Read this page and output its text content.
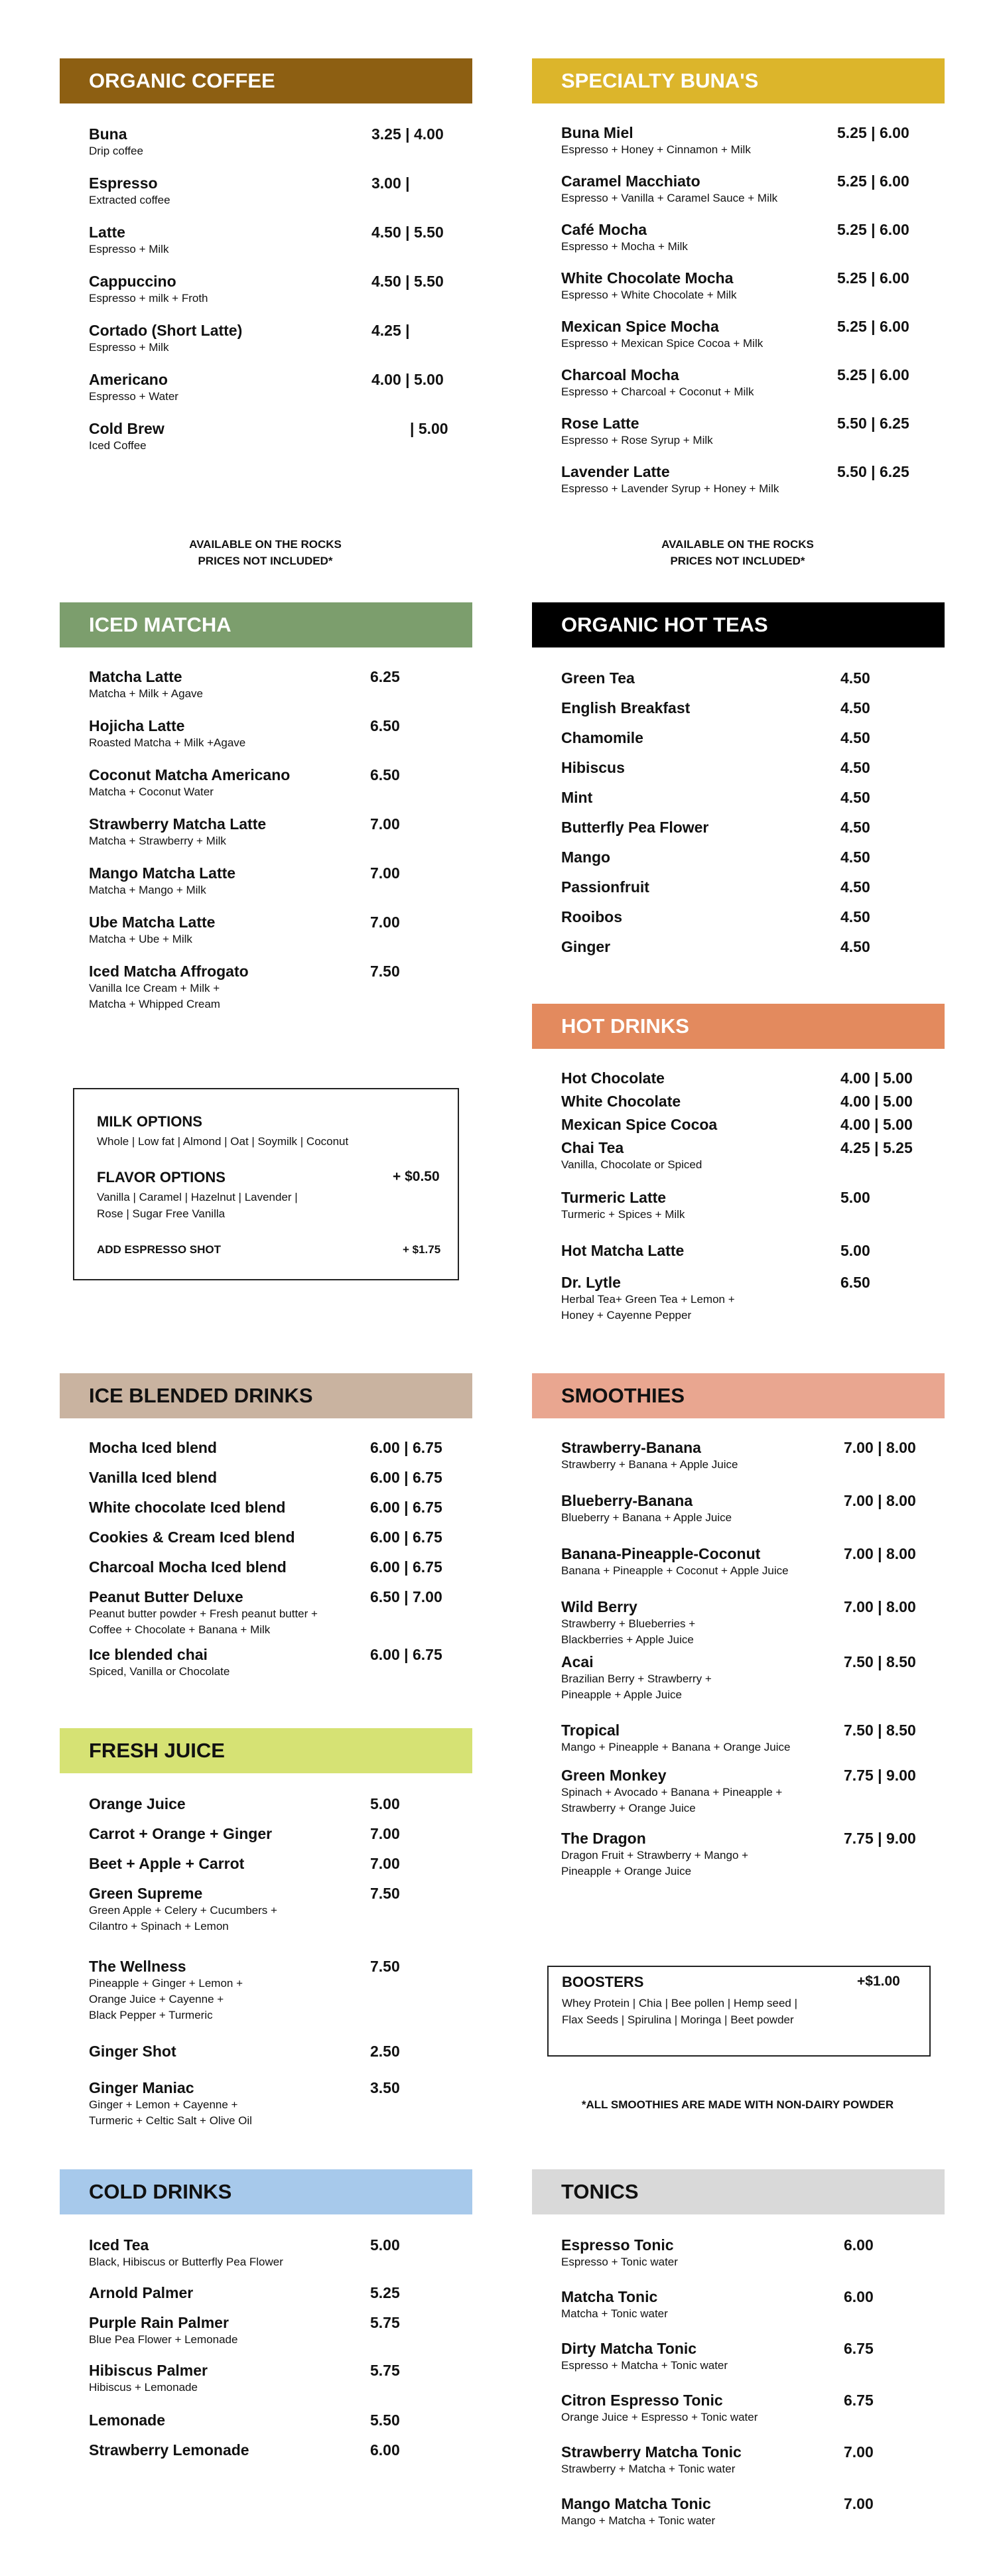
ORGANIC COFFEE
Buna
Drip coffee
3.25 | 4.00
Espresso
Extracted coffee
3.00 |
Latte
Espresso + Milk
4.50 | 5.50
Cappuccino
Espresso + milk + Froth
4.50 | 5.50
Cortado (Short Latte)
Espresso + Milk
4.25 |
Americano
Espresso + Water
4.00 | 5.00
Cold Brew
Iced Coffee
| 5.00
AVAILABLE ON THE ROCKS
PRICES NOT INCLUDED*
SPECIALTY BUNA'S
Buna Miel
Espresso + Honey + Cinnamon + Milk
5.25 | 6.00
Caramel Macchiato
Espresso + Vanilla + Caramel Sauce + Milk
5.25 | 6.00
Café Mocha
Espresso + Mocha + Milk
5.25 | 6.00
White Chocolate Mocha
Espresso + White Chocolate + Milk
5.25 | 6.00
Mexican Spice Mocha
Espresso + Mexican Spice Cocoa + Milk
5.25 | 6.00
Charcoal Mocha
Espresso + Charcoal + Coconut + Milk
5.25 | 6.00
Rose Latte
Espresso + Rose Syrup + Milk
5.50 | 6.25
Lavender Latte
Espresso + Lavender Syrup + Honey + Milk
5.50 | 6.25
AVAILABLE ON THE ROCKS
PRICES NOT INCLUDED*
ICED MATCHA
Matcha Latte
Matcha + Milk + Agave
6.25
Hojicha Latte
Roasted Matcha + Milk +Agave
6.50
Coconut Matcha Americano
Matcha + Coconut Water
6.50
Strawberry Matcha Latte
Matcha + Strawberry + Milk
7.00
Mango Matcha Latte
Matcha + Mango + Milk
7.00
Ube Matcha Latte
Matcha + Ube + Milk
7.00
Iced Matcha Affrogato
Vanilla Ice Cream + Milk +
Matcha + Whipped Cream
7.50
MILK OPTIONS
Whole | Low fat | Almond | Oat | Soymilk | Coconut
FLAVOR OPTIONS	+ $0.50
Vanilla | Caramel | Hazelnut | Lavender |
Rose | Sugar Free Vanilla
ADD ESPRESSO SHOT	+ $1.75
ORGANIC HOT TEAS
Green Tea	4.50
English Breakfast	4.50
Chamomile	4.50
Hibiscus	4.50
Mint	4.50
Butterfly Pea Flower	4.50
Mango	4.50
Passionfruit	4.50
Rooibos	4.50
Ginger	4.50
HOT DRINKS
Hot Chocolate	4.00 | 5.00
White Chocolate	4.00 | 5.00
Mexican Spice Cocoa	4.00 | 5.00
Chai Tea
Vanilla, Chocolate or Spiced
4.25 | 5.25
Turmeric Latte
Turmeric + Spices + Milk
5.00
Hot Matcha Latte	5.00
Dr. Lytle
Herbal Tea+ Green Tea + Lemon +
Honey + Cayenne Pepper
6.50
ICE BLENDED DRINKS
Mocha Iced blend	6.00 | 6.75
Vanilla Iced blend	6.00 | 6.75
White chocolate Iced blend	6.00 | 6.75
Cookies & Cream Iced blend	6.00 | 6.75
Charcoal Mocha Iced blend	6.00 | 6.75
Peanut Butter Deluxe
Peanut butter powder + Fresh peanut butter +
Coffee + Chocolate + Banana + Milk
6.50 | 7.00
Ice blended chai
Spiced, Vanilla or Chocolate
6.00 | 6.75
FRESH JUICE
Orange Juice	5.00
Carrot + Orange + Ginger	7.00
Beet + Apple + Carrot	7.00
Green Supreme
Green Apple + Celery + Cucumbers +
Cilantro + Spinach + Lemon
7.50
The Wellness
Pineapple + Ginger + Lemon +
Orange Juice + Cayenne +
Black Pepper + Turmeric
7.50
Ginger Shot	2.50
Ginger Maniac
Ginger + Lemon + Cayenne +
Turmeric + Celtic Salt + Olive Oil
3.50
SMOOTHIES
Strawberry-Banana
Strawberry + Banana + Apple Juice
7.00 | 8.00
Blueberry-Banana
Blueberry + Banana + Apple Juice
7.00 | 8.00
Banana-Pineapple-Coconut
Banana + Pineapple + Coconut + Apple Juice
7.00 | 8.00
Wild Berry
Strawberry + Blueberries +
Blackberries + Apple Juice
7.00 | 8.00
Acai
Brazilian Berry + Strawberry +
Pineapple + Apple Juice
7.50 | 8.50
Tropical
Mango + Pineapple + Banana + Orange Juice
7.50 | 8.50
Green Monkey
Spinach + Avocado + Banana + Pineapple +
Strawberry + Orange Juice
7.75 | 9.00
The Dragon
Dragon Fruit + Strawberry + Mango +
Pineapple + Orange Juice
7.75 | 9.00
BOOSTERS	+$1.00
Whey Protein | Chia | Bee pollen | Hemp seed |
Flax Seeds | Spirulina | Moringa | Beet powder
*ALL SMOOTHIES ARE MADE WITH NON-DAIRY POWDER
COLD DRINKS
Iced Tea
Black, Hibiscus or Butterfly Pea Flower
5.00
Arnold Palmer	5.25
Purple Rain Palmer
Blue Pea Flower + Lemonade
5.75
Hibiscus Palmer
Hibiscus + Lemonade
5.75
Lemonade	5.50
Strawberry Lemonade	6.00
TONICS
Espresso Tonic
Espresso + Tonic water
6.00
Matcha Tonic
Matcha + Tonic water
6.00
Dirty Matcha Tonic
Espresso + Matcha + Tonic water
6.75
Citron Espresso Tonic
Orange Juice + Espresso + Tonic water
6.75
Strawberry Matcha Tonic
Strawberry + Matcha + Tonic water
7.00
Mango Matcha Tonic
Mango + Matcha + Tonic water
7.00
